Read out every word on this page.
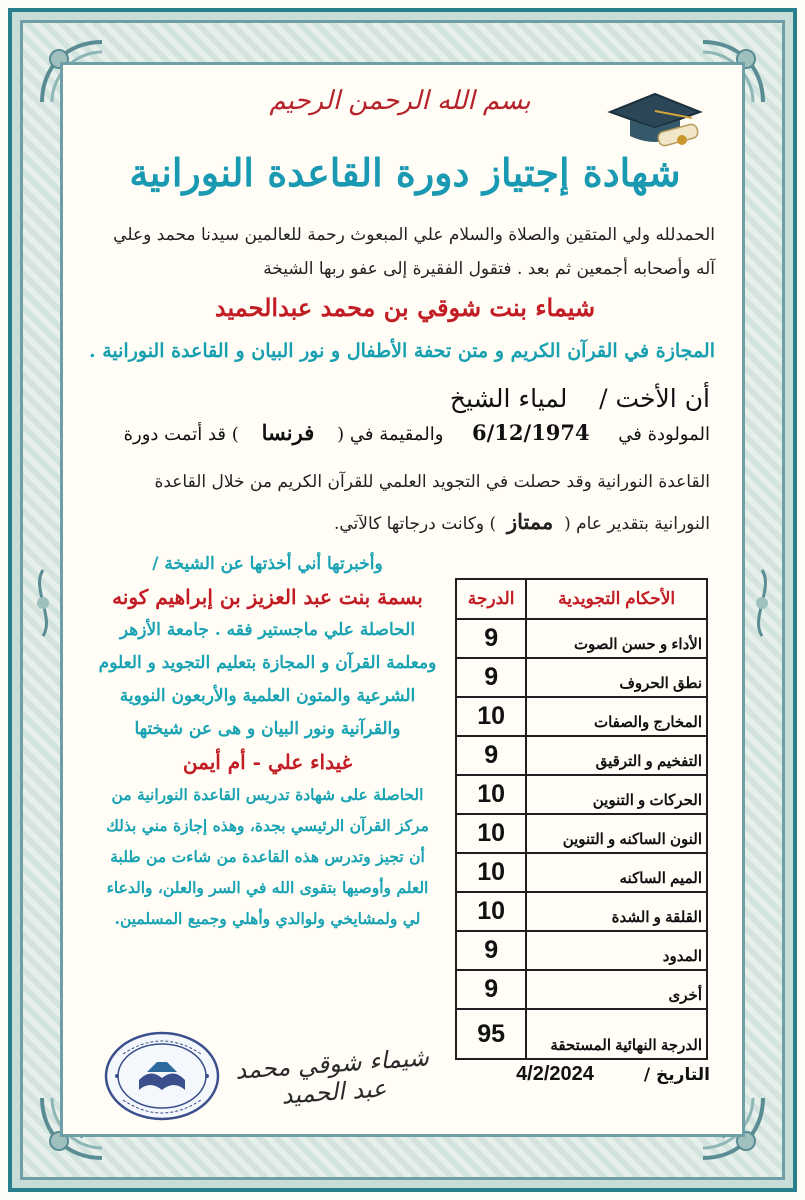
بسم الله الرحمن الرحيم
شهادة إجتياز دورة القاعدة النورانية
الحمدلله ولي المتقين والصلاة والسلام علي المبعوث رحمة للعالمين سيدنا محمد وعلي آله وأصحابه أجمعين ثم بعد . فتقول الفقيرة إلى عفو ربها الشيخة
شيماء بنت شوقي بن محمد عبدالحميد
المجازة في القرآن الكريم و متن تحفة الأطفال و نور البيان و القاعدة النورانية .
أن الأخت /    لمياء الشيخ
المولودة في     6/12/1974     والمقيمة في (    فرنسا    ) قد أتمت دورة
القاعدة النورانية وقد حصلت في التجويد العلمي للقرآن الكريم من خلال القاعدة
النورانية بتقدير عام (  ممتاز  ) وكانت درجاتها كالآتي.
وأخبرتها أني أخذتها عن الشيخة /
بسمة بنت عبد العزيز بن إبراهيم كونه
الحاصلة علي ماجستير فقه . جامعة الأزهر
ومعلمة القرآن و المجازة بتعليم التجويد و العلوم
الشرعية والمتون العلمية والأربعون النووية
والقرآنية ونور البيان و هى عن شيختها
غيداء علي - أم أيمن
الحاصلة على شهادة تدريس القاعدة النورانية من
مركز القرآن الرئيسي بجدة، وهذه إجازة مني بذلك
أن تجيز وتدرس هذه القاعدة من شاءت من طلبة
العلم وأوصيها بتقوى الله في السر والعلن، والدعاء
لي ولمشايخي ولوالدي وأهلي وجميع المسلمين.
الأحكام التجويدية	الدرجة
الأداء و حسن الصوت	9
نطق الحروف	9
المخارج والصفات	10
التفخيم و الترقيق	9
الحركات و التنوين	10
النون الساكنه و التنوين	10
الميم الساكنه	10
القلقة و الشدة	10
المدود	9
أخرى	9
الدرجة النهائية المستحقة	95
التاريخ /
4/2/2024
شيماء شوقي محمد عبد الحميد
